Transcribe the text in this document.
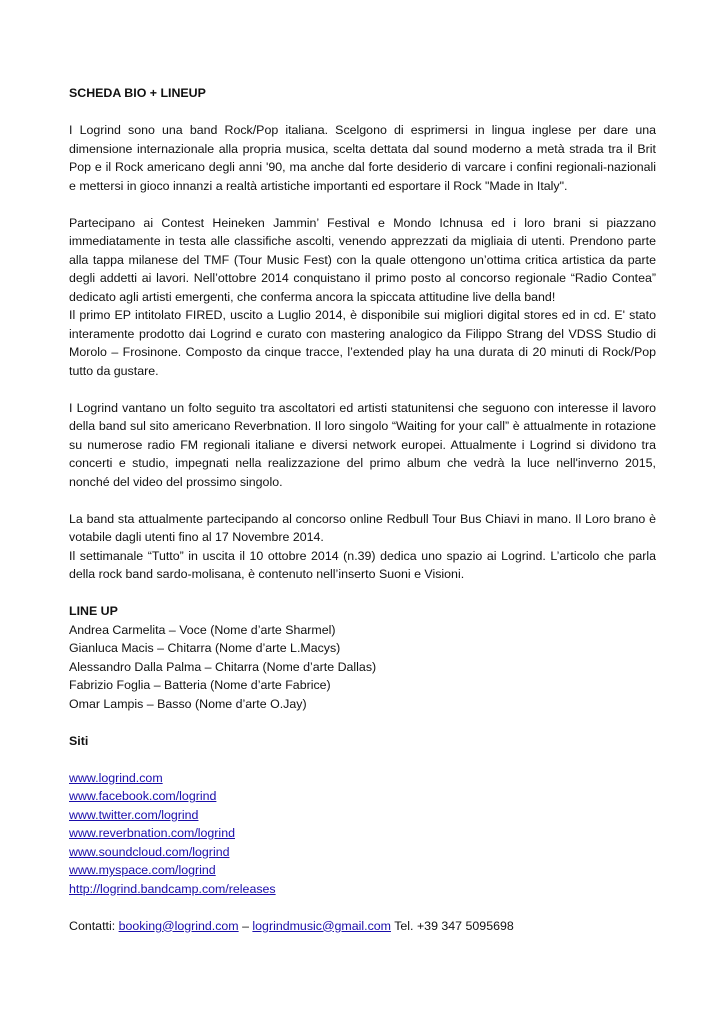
SCHEDA BIO + LINEUP

I Logrind sono una band Rock/Pop italiana. Scelgono di esprimersi in lingua inglese per dare una dimensione internazionale alla propria musica, scelta dettata dal sound moderno a metà strada tra il Brit Pop e il Rock americano degli anni '90, ma anche dal forte desiderio di varcare i confini regionali-nazionali e mettersi in gioco innanzi a realtà artistiche importanti ed esportare il Rock "Made in Italy".

Partecipano ai Contest Heineken Jammin’ Festival e Mondo Ichnusa ed i loro brani si piazzano immediatamente in testa alle classifiche ascolti, venendo apprezzati da migliaia di utenti. Prendono parte alla tappa milanese del TMF (Tour Music Fest) con la quale ottengono un’ottima critica artistica da parte degli addetti ai lavori. Nell’ottobre 2014 conquistano il primo posto al concorso regionale “Radio Contea” dedicato agli artisti emergenti, che conferma ancora la spiccata attitudine live della band!

Il primo EP intitolato FIRED, uscito a Luglio 2014, è disponibile sui migliori digital stores ed in cd. E' stato interamente prodotto dai Logrind e curato con mastering analogico da Filippo Strang del VDSS Studio di Morolo – Frosinone. Composto da cinque tracce, l’extended play ha una durata di 20 minuti di Rock/Pop tutto da gustare.

I Logrind vantano un folto seguito tra ascoltatori ed artisti statunitensi che seguono con interesse il lavoro della band sul sito americano Reverbnation. Il loro singolo “Waiting for your call” è attualmente in rotazione su numerose radio FM regionali italiane e diversi network europei. Attualmente i Logrind si dividono tra concerti e studio, impegnati nella realizzazione del primo album che vedrà la luce nell'inverno 2015, nonché del video del prossimo singolo.

La band sta attualmente partecipando al concorso online Redbull Tour Bus Chiavi in mano. Il Loro brano è votabile dagli utenti fino al 17 Novembre 2014.

Il settimanale “Tutto” in uscita il 10 ottobre 2014 (n.39) dedica uno spazio ai Logrind. L’articolo che parla della rock band sardo-molisana, è contenuto nell’inserto Suoni e Visioni.

LINE UP

Andrea Carmelita – Voce (Nome d’arte Sharmel)

Gianluca Macis – Chitarra (Nome d’arte L.Macys)

Alessandro Dalla Palma – Chitarra (Nome d’arte Dallas)

Fabrizio Foglia – Batteria (Nome d’arte Fabrice)

Omar Lampis – Basso (Nome d’arte O.Jay)

Siti

www.logrind.com

www.facebook.com/logrind

www.twitter.com/logrind

www.reverbnation.com/logrind

www.soundcloud.com/logrind

www.myspace.com/logrind

http://logrind.bandcamp.com/releases

Contatti: booking@logrind.com – logrindmusic@gmail.com Tel. +39 347 5095698
